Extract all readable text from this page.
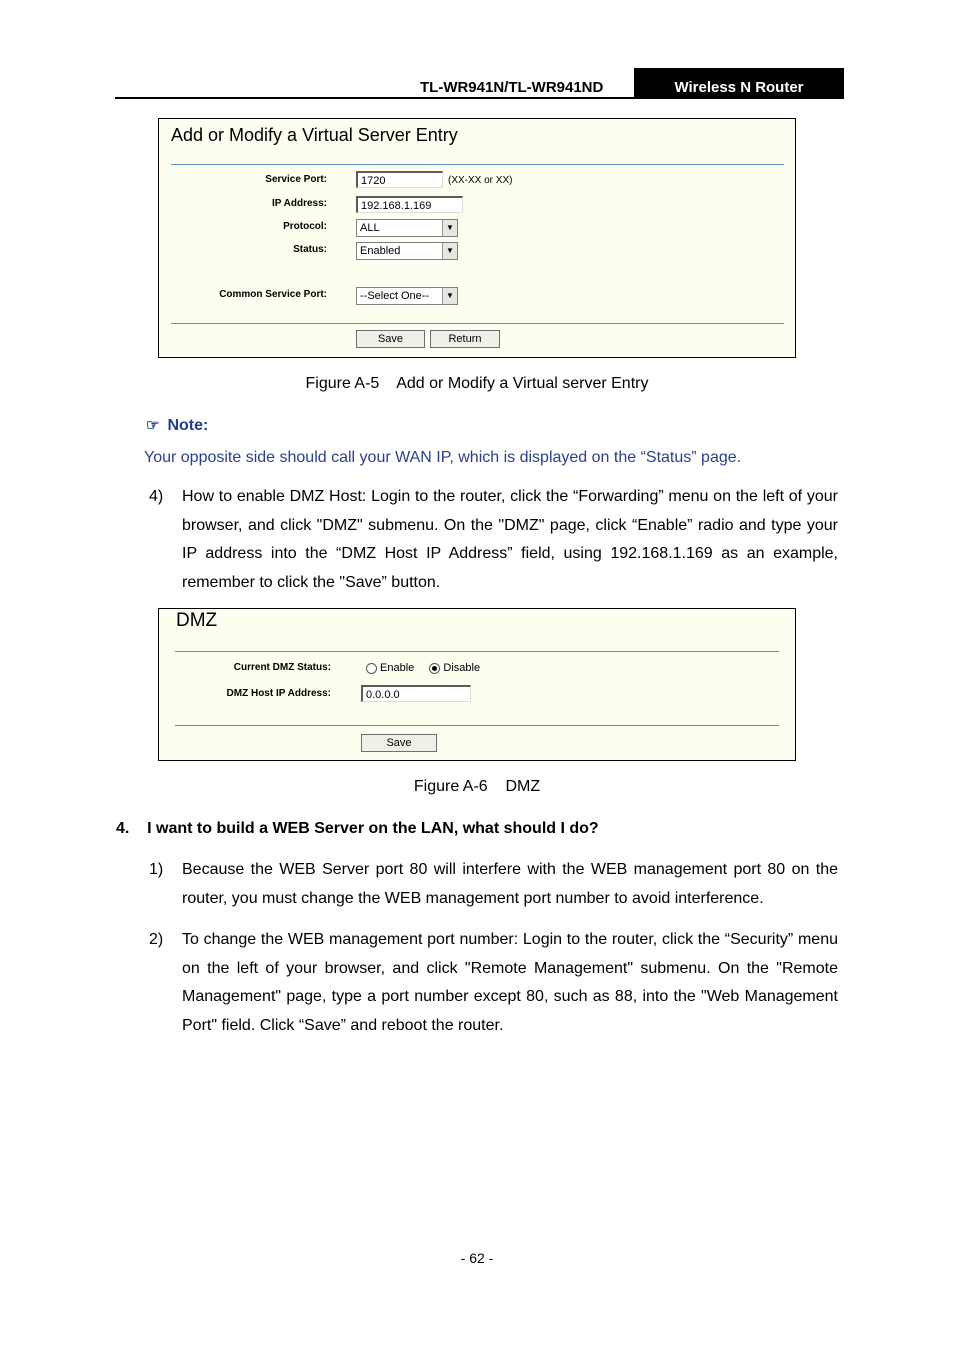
TL-WR941N/TL-WR941ND	Wireless N Router
Add or Modify a Virtual Server Entry
Service Port:	1720	(XX-XX or XX)
IP Address:	192.168.1.169
Protocol:	ALL	▼
Status:	Enabled	▼
Common Service Port:	--Select One--	▼
Save	Return
Figure A-5    Add or Modify a Virtual server Entry
☞ Note:
Your opposite side should call your WAN IP, which is displayed on the “Status” page.
4) How to enable DMZ Host: Login to the router, click the “Forwarding” menu on the left of your browser, and click "DMZ" submenu. On the "DMZ" page, click “Enable” radio and type your IP address into the “DMZ Host IP Address” field, using 192.168.1.169 as an example, remember to click the "Save” button.
DMZ
Current DMZ Status:	Enable	Disable
DMZ Host IP Address:	0.0.0.0
Save
Figure A-6    DMZ
4.    I want to build a WEB Server on the LAN, what should I do?
1) Because the WEB Server port 80 will interfere with the WEB management port 80 on the router, you must change the WEB management port number to avoid interference.
2) To change the WEB management port number: Login to the router, click the “Security” menu on the left of your browser, and click "Remote Management" submenu. On the "Remote Management" page, type a port number except 80, such as 88, into the "Web Management Port" field. Click “Save” and reboot the router.
- 62 -
